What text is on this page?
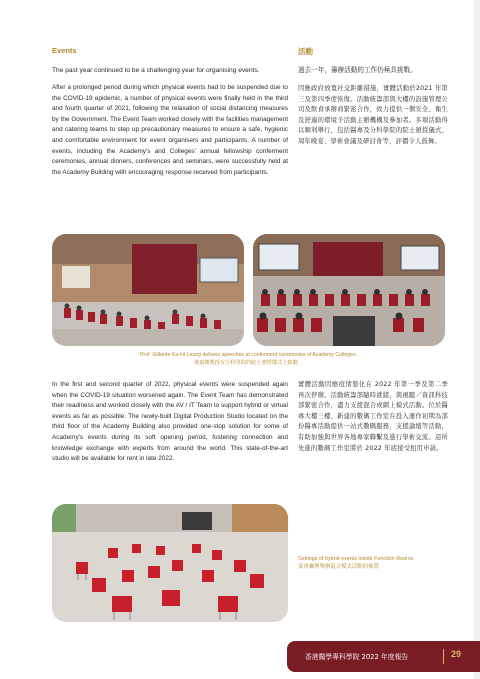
Events
The past year continued to be a challenging year for organising events.

After a prolonged period during which physical events had to be suspended due to the COVID-19 epidemic, a number of physical events were finally held in the third and fourth quarter of 2021, following the relaxation of social distancing measures by the Government. The Event Team worked closely with the facilities management and catering teams to step up precautionary measures to ensure a safe, hygienic and comfortable environment for event organisers and participants. A number of events, including the Academy's and Colleges' annual fellowship conferment ceremonies, annual dinners, conferences and seminars, were successfully held at the Academy Building with encouraging response received from participants.

活動
過去一年，籌辦活動的工作仍極具挑戰。

因應政府放寬社交距離措施，實體活動於2021 年第三及第四季度恢復。活動統籌部與大樓的設施管理公司及飲食承辦商緊密合作，致力提供一個安全、衛生及舒適的環境予活動主辦機構及參加者。多項活動得以順利舉行，包括醫專及分科學院的院士頒授儀式、周年晚宴、學術會議及研討會等，評價令人鼓舞。

Prof. Gilberto Ka-kit Leung delivers speeches at conferment ceremonies of Academy Colleges.
梁嘉傑教授在分科學院的院士頒授儀式上致辭。

In the first and second quarter of 2022, physical events were suspended again when the COVID-19 situation worsened again. The Event Team has demonstrated their readiness and worked closely with the AV / IT Team to support hybrid or virtual events as far as possible. The newly-built Digital Production Studio located on the third floor of the Academy Building also provided one-stop solution for some of Academy's events during its soft opening period, fostering connection and knowledge exchange with experts from around the world. This state-of-the-art studio will be available for rent in late 2022.

實體活動因應疫情惡化在 2022 年第一季及第二季再次停辦。活動統籌部隨時就緒，與視聽／資訊科技部緊密合作，盡力支援混合或網上模式活動。位於醫專大樓三樓、新建的數碼工作室在投入運作初期為部份醫專活動提供一站式數碼服務，支援論壇等活動，有助加強與世界各地專家聯繫及進行學術交流。這所先進的數碼工作室將於 2022 年底接受租用申請。

Settings of hybrid events inside Function Rooms
宴會廳裡舉辦混合模式活動的佈置
香港醫學專科學院 2022 年度報告	29
